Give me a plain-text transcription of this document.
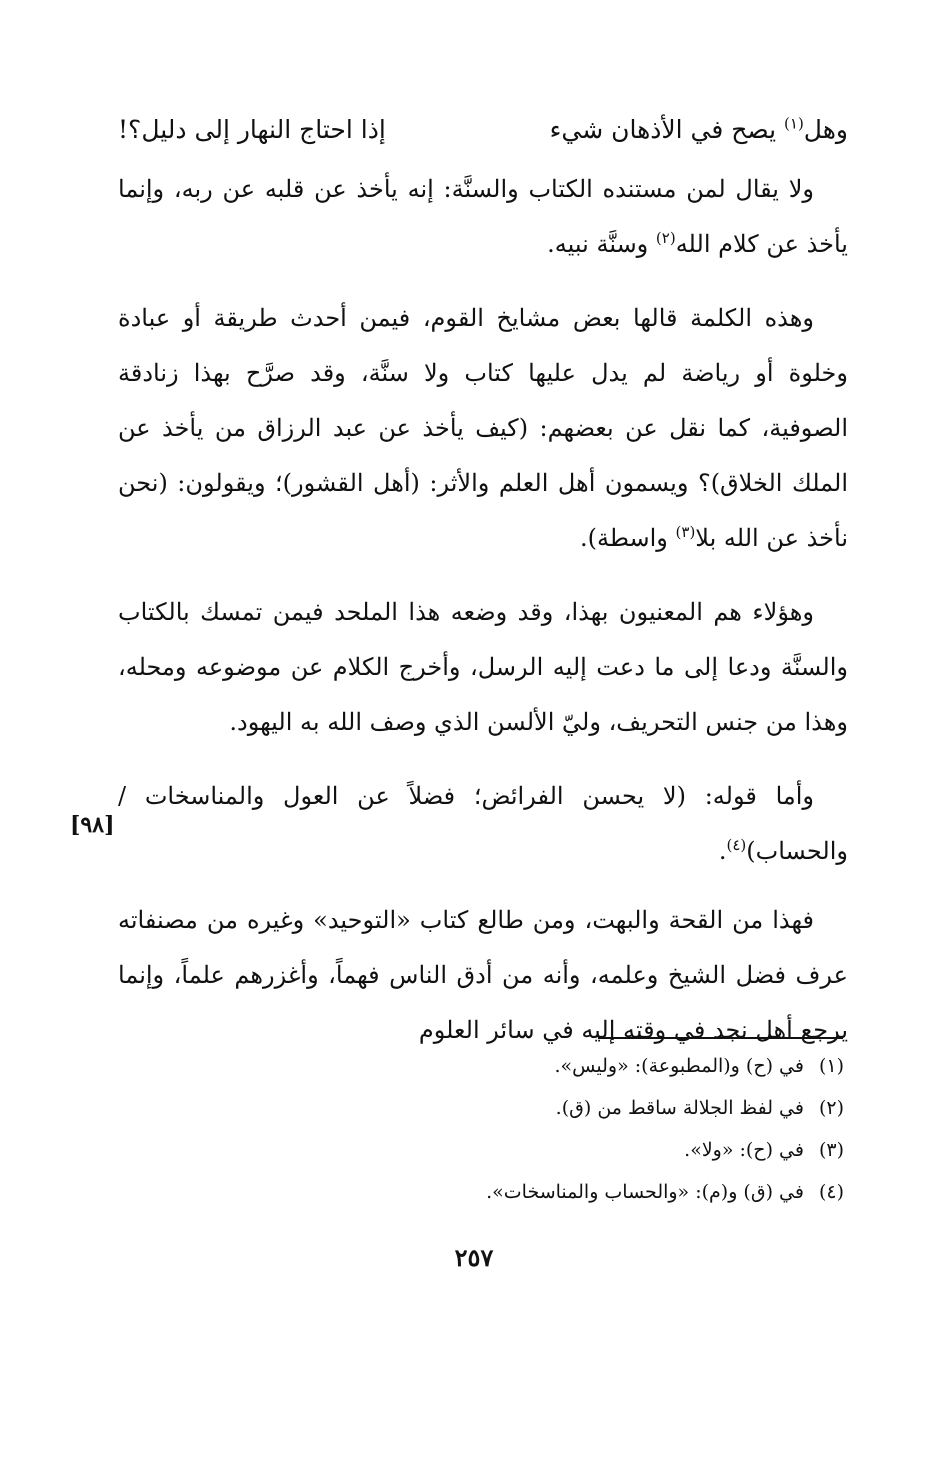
وهل$^{(١)}$ يصح في الأذهان شيء
إذا احتاج النهار إلى دليل؟!

ولا يقال لمن مستنده الكتاب والسنَّة: إنه يأخذ عن قلبه عن ربه، وإنما يأخذ عن كلام الله$^{(٢)}$ وسنَّة نبيه.

وهذه الكلمة قالها بعض مشايخ القوم، فيمن أحدث طريقة أو عبادة وخلوة أو رياضة لم يدل عليها كتاب ولا سنَّة، وقد صرَّح بهذا زنادقة الصوفية، كما نقل عن بعضهم: (كيف يأخذ عن عبد الرزاق من يأخذ عن الملك الخلاق)؟ ويسمون أهل العلم والأثر: (أهل القشور)؛ ويقولون: (نحن نأخذ عن الله بلا$^{(٣)}$ واسطة).

وهؤلاء هم المعنيون بهذا، وقد وضعه هذا الملحد فيمن تمسك بالكتاب والسنَّة ودعا إلى ما دعت إليه الرسل، وأخرج الكلام عن موضوعه ومحله، وهذا من جنس التحريف، وليّ الألسن الذي وصف الله به اليهود.

وأما قوله: (لا يحسن الفرائض؛ فضلاً عن العول والمناسخات / والحساب)$^{(٤)}$.

فهذا من القحة والبهت، ومن طالع كتاب «التوحيد» وغيره من مصنفاته عرف فضل الشيخ وعلمه، وأنه من أدق الناس فهماً، وأغزرهم علماً، وإنما يرجع أهل نجد في وقته إليه في سائر العلوم

[٩٨]
(١) في (ح) و(المطبوعة): «وليس».
(٢) في لفظ الجلالة ساقط من (ق).
(٣) في (ح): «ولا».
(٤) في (ق) و(م): «والحساب والمناسخات».
٢٥٧
